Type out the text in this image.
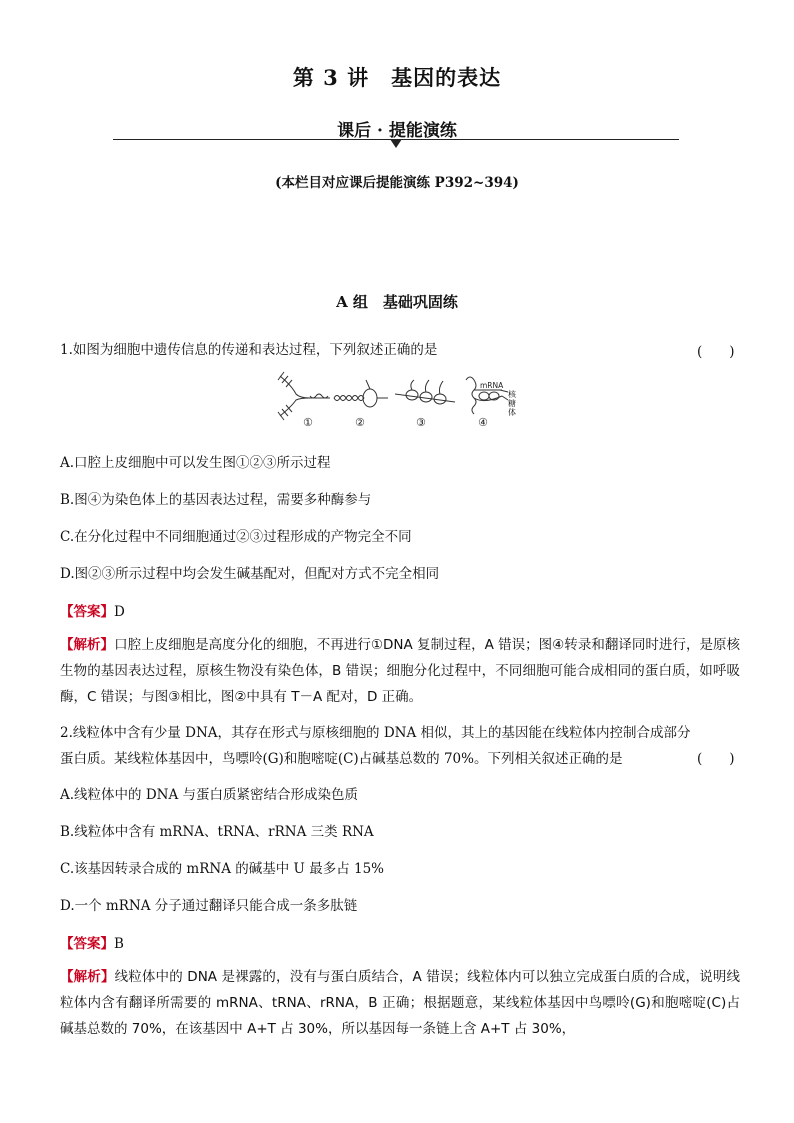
第 3 讲　基因的表达
课后 · 提能演练
(本栏目对应课后提能演练 P392~394)
A 组　基础巩固练
1.如图为细胞中遗传信息的传递和表达过程，下列叙述正确的是	(　　)
mRNA
①	②	③	④
核糖体
A.口腔上皮细胞中可以发生图①②③所示过程
B.图④为染色体上的基因表达过程，需要多种酶参与
C.在分化过程中不同细胞通过②③过程形成的产物完全不同
D.图②③所示过程中均会发生碱基配对，但配对方式不完全相同
【答案】D
【解析】口腔上皮细胞是高度分化的细胞，不再进行①DNA 复制过程，A 错误；图④转录和翻译同时进行，是原核生物的基因表达过程，原核生物没有染色体，B 错误；细胞分化过程中，不同细胞可能合成相同的蛋白质，如呼吸酶，C 错误；与图③相比，图②中具有 T－A 配对，D 正确。
2.线粒体中含有少量 DNA，其存在形式与原核细胞的 DNA 相似，其上的基因能在线粒体内控制合成部分
蛋白质。某线粒体基因中，鸟嘌呤(G)和胞嘧啶(C)占碱基总数的 70%。下列相关叙述正确的是	(　　)
A.线粒体中的 DNA 与蛋白质紧密结合形成染色质
B.线粒体中含有 mRNA、tRNA、rRNA 三类 RNA
C.该基因转录合成的 mRNA 的碱基中 U 最多占 15%
D.一个 mRNA 分子通过翻译只能合成一条多肽链
【答案】B
【解析】线粒体中的 DNA 是裸露的，没有与蛋白质结合，A 错误；线粒体内可以独立完成蛋白质的合成，说明线粒体内含有翻译所需要的 mRNA、tRNA、rRNA，B 正确；根据题意，某线粒体基因中鸟嘌呤(G)和胞嘧啶(C)占碱基总数的 70%，在该基因中 A+T 占 30%，所以基因每一条链上含 A+T 占 30%，
